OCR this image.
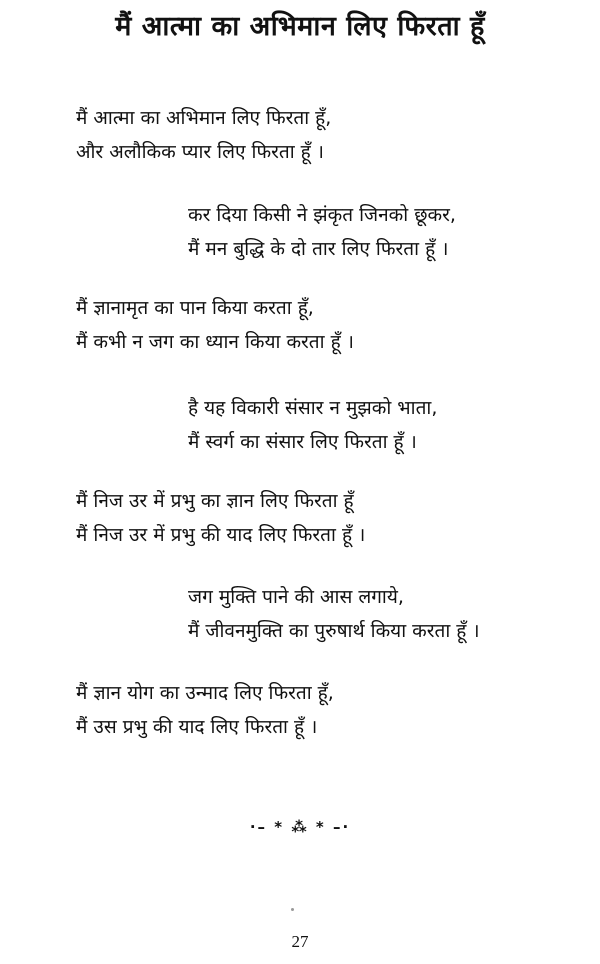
मैं आत्मा का अभिमान लिए फिरता हूँ
मैं आत्मा का अभिमान लिए फिरता हूँ,
और अलौकिक प्यार लिए फिरता हूँ ।
कर दिया किसी ने झंकृत जिनको छूकर,
मैं मन बुद्धि के दो तार लिए फिरता हूँ ।
मैं ज्ञानामृत का पान किया करता हूँ,
मैं कभी न जग का ध्यान किया करता हूँ ।
है यह विकारी संसार न मुझको भाता,
मैं स्वर्ग का संसार लिए फिरता हूँ ।
मैं निज उर में प्रभु का ज्ञान लिए फिरता हूँ
मैं निज उर में प्रभु की याद लिए फिरता हूँ ।
जग मुक्ति पाने की आस लगाये,
मैं जीवनमुक्ति का पुरुषार्थ किया करता हूँ ।
मैं ज्ञान योग का उन्माद लिए फिरता हूँ,
मैं उस प्रभु की याद लिए फिरता हूँ ।
·– * ⁂ * –·
27
